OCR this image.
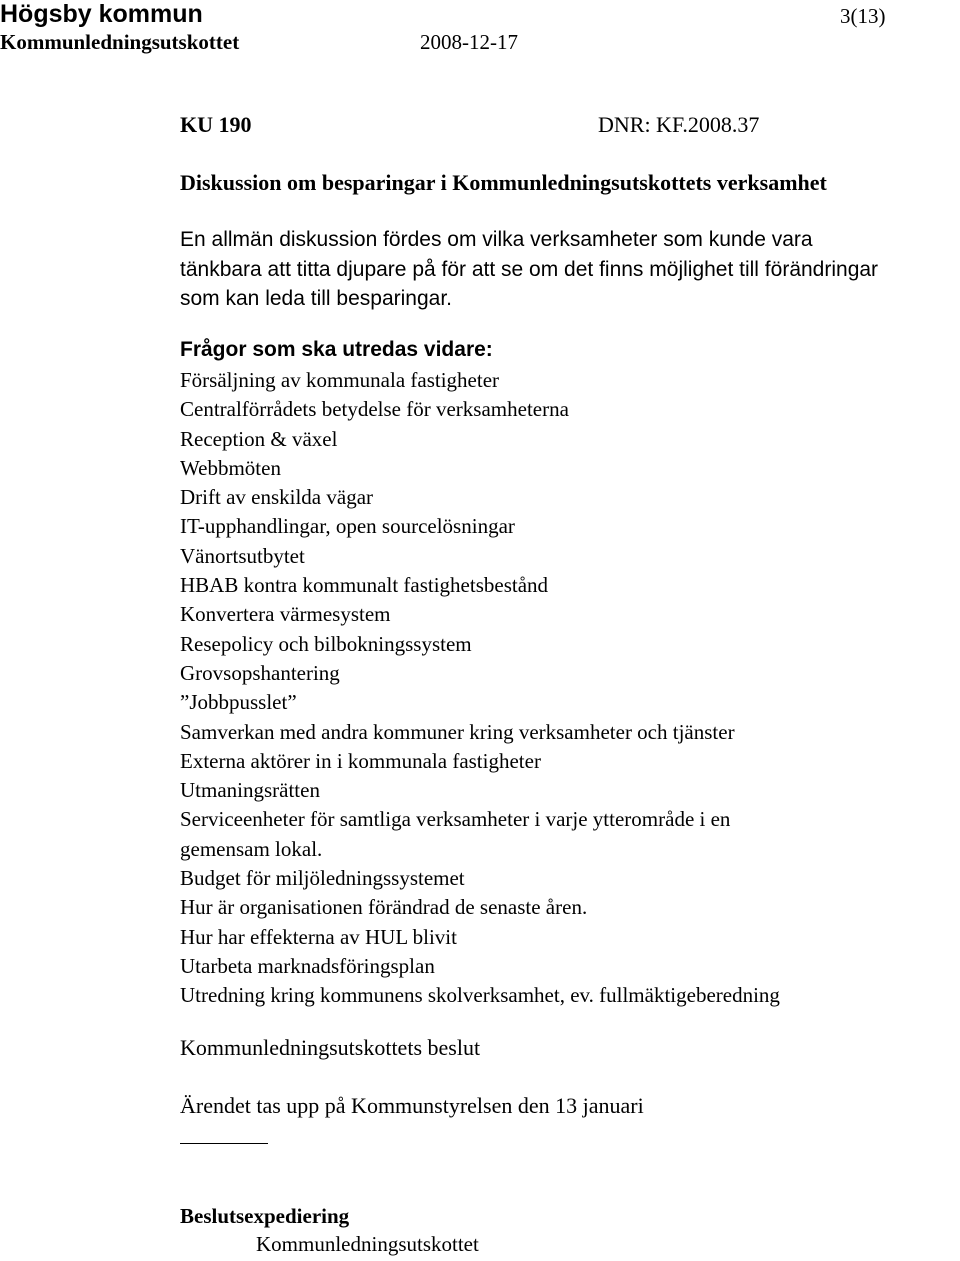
Högsby kommun	3(13)
Kommunledningsutskottet	2008-12-17
KU 190	DNR: KF.2008.37
Diskussion om besparingar i Kommunledningsutskottets verksamhet
En allmän diskussion fördes om vilka verksamheter som kunde vara
tänkbara att titta djupare på för att se om det finns möjlighet till förändringar
som kan leda till besparingar.
Frågor som ska utredas vidare:
Försäljning av kommunala fastigheter
Centralförrådets betydelse för verksamheterna
Reception & växel
Webbmöten
Drift av enskilda vägar
IT-upphandlingar, open sourcelösningar
Vänortsutbytet
HBAB kontra kommunalt fastighetsbestånd
Konvertera värmesystem
Resepolicy och bilbokningssystem
Grovsopshantering
”Jobbpusslet”
Samverkan med andra kommuner kring verksamheter och tjänster
Externa aktörer in i kommunala fastigheter
Utmaningsrätten
Serviceenheter för samtliga verksamheter i varje ytterområde i en
gemensam lokal.
Budget för miljöledningssystemet
Hur är organisationen förändrad de senaste åren.
Hur har effekterna av HUL blivit
Utarbeta marknadsföringsplan
Utredning kring kommunens skolverksamhet, ev. fullmäktigeberedning
Kommunledningsutskottets beslut
Ärendet tas upp på Kommunstyrelsen den 13 januari
Beslutsexpediering
Kommunledningsutskottet
